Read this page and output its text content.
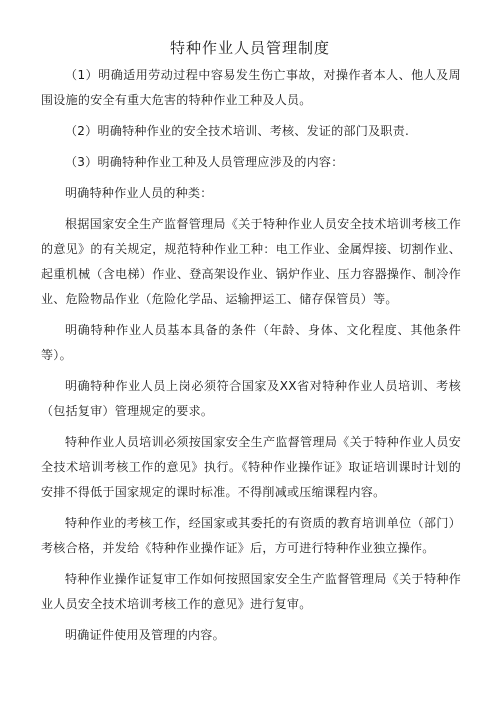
特种作业人员管理制度

（1）明确适用劳动过程中容易发生伤亡事故，对操作者本人、他人及周围设施的安全有重大危害的特种作业工种及人员。

（2）明确特种作业的安全技术培训、考核、发证的部门及职责.

（3）明确特种作业工种及人员管理应涉及的内容：

明确特种作业人员的种类：

根据国家安全生产监督管理局《关于特种作业人员安全技术培训考核工作的意见》的有关规定，规范特种作业工种：电工作业、金属焊接、切割作业、起重机械（含电梯）作业、登高架设作业、锅炉作业、压力容器操作、制冷作业、危险物品作业（危险化学品、运输押运工、储存保管员）等。

明确特种作业人员基本具备的条件（年龄、身体、文化程度、其他条件等）。

明确特种作业人员上岗必须符合国家及XX省对特种作业人员培训、考核（包括复审）管理规定的要求。

特种作业人员培训必须按国家安全生产监督管理局《关于特种作业人员安全技术培训考核工作的意见》执行。《特种作业操作证》取证培训课时计划的安排不得低于国家规定的课时标准。不得削减或压缩课程内容。

特种作业的考核工作，经国家或其委托的有资质的教育培训单位（部门）考核合格，并发给《特种作业操作证》后，方可进行特种作业独立操作。

特种作业操作证复审工作如何按照国家安全生产监督管理局《关于特种作业人员安全技术培训考核工作的意见》进行复审。

明确证件使用及管理的内容。
